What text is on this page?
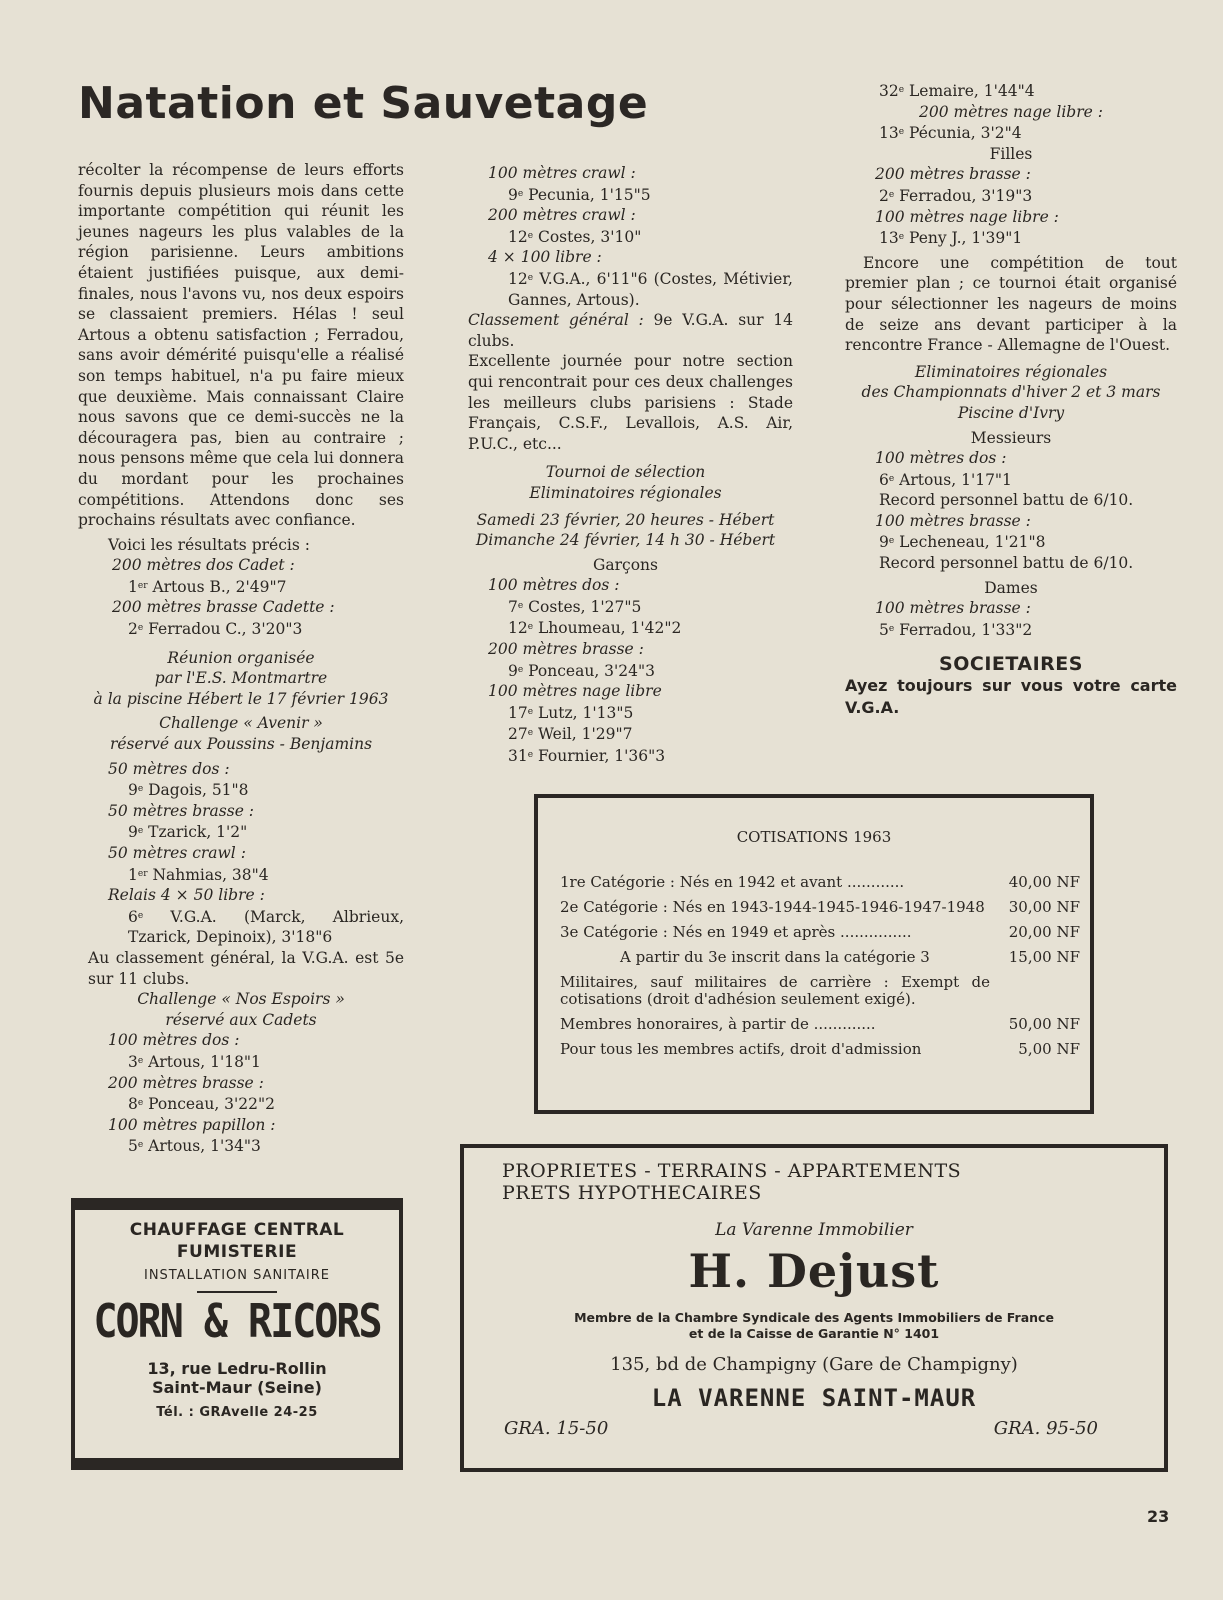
Natation et Sauvetage

récolter la récompense de leurs efforts fournis depuis plusieurs mois dans cette importante compétition qui réunit les jeunes nageurs les plus valables de la région parisienne. Leurs ambitions étaient justifiées puisque, aux demi-finales, nous l'avons vu, nos deux espoirs se classaient premiers. Hélas ! seul Artous a obtenu satisfaction ; Ferradou, sans avoir démérité puisqu'elle a réalisé son temps habituel, n'a pu faire mieux que deuxième. Mais connaissant Claire nous savons que ce demi-succès ne la découragera pas, bien au contraire ; nous pensons même que cela lui donnera du mordant pour les prochaines compétitions. Attendons donc ses prochains résultats avec confiance.

Voici les résultats précis :

200 mètres dos Cadet :

1er Artous B., 2'49"7

200 mètres brasse Cadette :

2e Ferradou C., 3'20"3

Réunion organisée

par l'E.S. Montmartre

à la piscine Hébert le 17 février 1963

Challenge « Avenir »

réservé aux Poussins - Benjamins

50 mètres dos :

9e Dagois, 51"8

50 mètres brasse :

9e Tzarick, 1'2"

50 mètres crawl :

1er Nahmias, 38"4

Relais 4 × 50 libre :

6e V.G.A. (Marck, Albrieux, Tzarick, Depinoix), 3'18"6

Au classement général, la V.G.A. est 5e sur 11 clubs.

Challenge « Nos Espoirs »

réservé aux Cadets

100 mètres dos :

3e Artous, 1'18"1

200 mètres brasse :

8e Ponceau, 3'22"2

100 mètres papillon :

5e Artous, 1'34"3

100 mètres crawl :

9e Pecunia, 1'15"5

200 mètres crawl :

12e Costes, 3'10"

4 × 100 libre :

12e V.G.A., 6'11"6 (Costes, Métivier, Gannes, Artous).

Classement général : 9e V.G.A. sur 14 clubs.

Excellente journée pour notre section qui rencontrait pour ces deux challenges les meilleurs clubs parisiens : Stade Français, C.S.F., Levallois, A.S. Air, P.U.C., etc...

Tournoi de sélection

Eliminatoires régionales

Samedi 23 février, 20 heures - Hébert

Dimanche 24 février, 14 h 30 - Hébert

Garçons

100 mètres dos :

7e Costes, 1'27"5

12e Lhoumeau, 1'42"2

200 mètres brasse :

9e Ponceau, 3'24"3

100 mètres nage libre

17e Lutz, 1'13"5

27e Weil, 1'29"7

31e Fournier, 1'36"3

32e Lemaire, 1'44"4

200 mètres nage libre :

13e Pécunia, 3'2"4

Filles

200 mètres brasse :

2e Ferradou, 3'19"3

100 mètres nage libre :

13e Peny J., 1'39"1

Encore une compétition de tout premier plan ; ce tournoi était organisé pour sélectionner les nageurs de moins de seize ans devant participer à la rencontre France - Allemagne de l'Ouest.

Eliminatoires régionales

des Championnats d'hiver 2 et 3 mars

Piscine d'Ivry

Messieurs

100 mètres dos :

6e Artous, 1'17"1

Record personnel battu de 6/10.

100 mètres brasse :

9e Lecheneau, 1'21"8

Record personnel battu de 6/10.

Dames

100 mètres brasse :

5e Ferradou, 1'33"2

SOCIETAIRES

Ayez toujours sur vous votre carte V.G.A.

COTISATIONS 1963
1re Catégorie : Nés en 1942 et avant ............	40,00 NF
2e Catégorie : Nés en 1943-1944-1945-1946-1947-1948	30,00 NF
3e Catégorie : Nés en 1949 et après ...............	20,00 NF
A partir du 3e inscrit dans la catégorie 3	15,00 NF
Militaires, sauf militaires de carrière : Exempt de cotisations (droit d'adhésion seulement exigé).
Membres honoraires, à partir de .............	50,00 NF
Pour tous les membres actifs, droit d'admission	5,00 NF
CHAUFFAGE CENTRAL
FUMISTERIE
INSTALLATION SANITAIRE
CORN & RICORS
13, rue Ledru-Rollin
Saint-Maur (Seine)
Tél. : GRAvelle 24-25
PROPRIETES - TERRAINS - APPARTEMENTS
PRETS HYPOTHECAIRES
La Varenne Immobilier
H. Dejust
Membre de la Chambre Syndicale des Agents Immobiliers de France
et de la Caisse de Garantie N° 1401
135, bd de Champigny (Gare de Champigny)
LA VARENNE SAINT-MAUR
GRA. 15-50	GRA. 95-50
23
